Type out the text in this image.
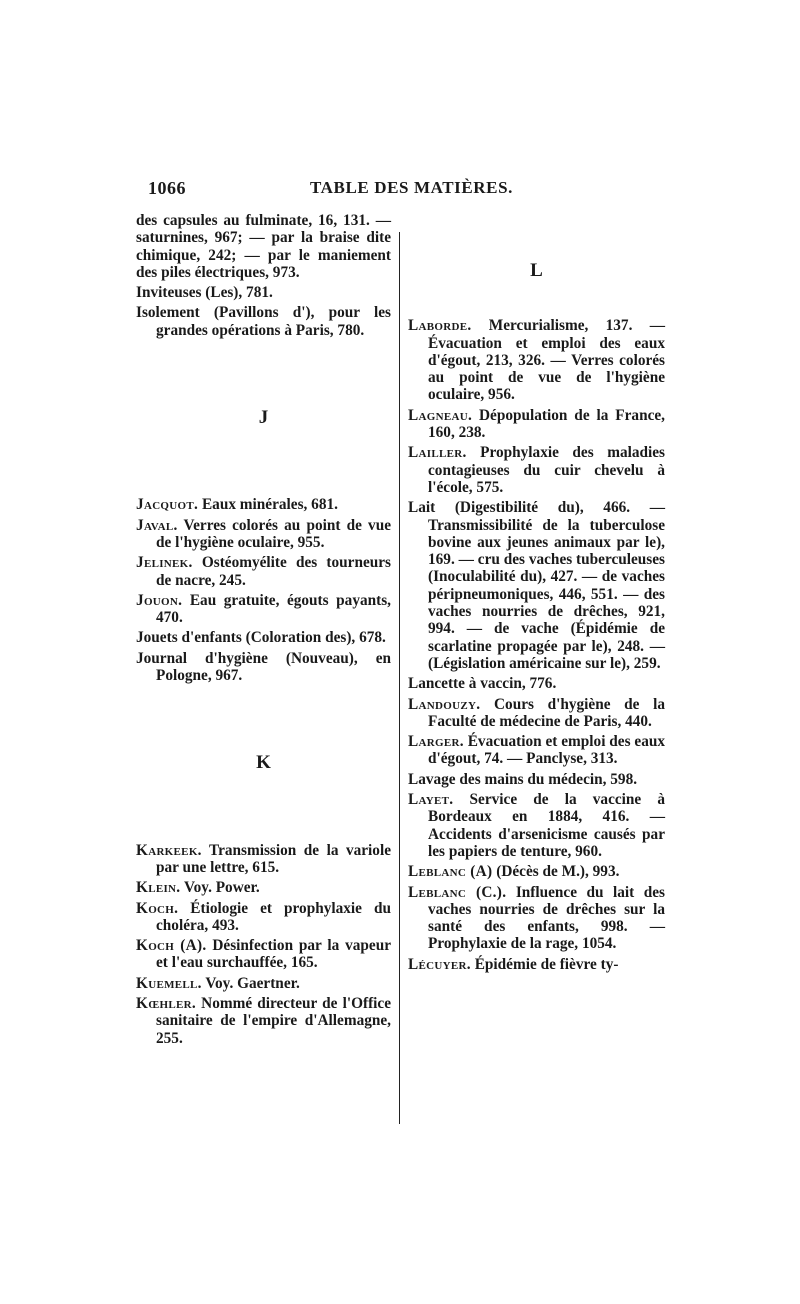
1066	TABLE DES MATIÈRES.
des capsules au fulminate, 16, 131. — saturnines, 967; — par la braise dite chimique, 242; — par le maniement des piles électriques, 973.
Inviteuses (Les), 781.
Isolement (Pavillons d'), pour les grandes opérations à Paris, 780.
J
Jacquot. Eaux minérales, 681.
Javal. Verres colorés au point de vue de l'hygiène oculaire, 955.
Jelinek. Ostéomyélite des tourneurs de nacre, 245.
Jouon. Eau gratuite, égouts payants, 470.
Jouets d'enfants (Coloration des), 678.
Journal d'hygiène (Nouveau), en Pologne, 967.
K
Karkeek. Transmission de la variole par une lettre, 615.
Klein. Voy. Power.
Koch. Étiologie et prophylaxie du choléra, 493.
Koch (A). Désinfection par la vapeur et l'eau surchauffée, 165.
Kuemell. Voy. Gaertner.
Kœhler. Nommé directeur de l'Office sanitaire de l'empire d'Allemagne, 255.
L
Laborde. Mercurialisme, 137. — Évacuation et emploi des eaux d'égout, 213, 326. — Verres colorés au point de vue de l'hygiène oculaire, 956.
Lagneau. Dépopulation de la France, 160, 238.
Lailler. Prophylaxie des maladies contagieuses du cuir chevelu à l'école, 575.
Lait (Digestibilité du), 466. — Transmissibilité de la tuberculose bovine aux jeunes animaux par le), 169. — cru des vaches tuberculeuses (Inoculabilité du), 427. — de vaches péripneumoniques, 446, 551. — des vaches nourries de drêches, 921, 994. — de vache (Épidémie de scarlatine propagée par le), 248. — (Législation américaine sur le), 259.
Lancette à vaccin, 776.
Landouzy. Cours d'hygiène de la Faculté de médecine de Paris, 440.
Larger. Évacuation et emploi des eaux d'égout, 74. — Panclyse, 313.
Lavage des mains du médecin, 598.
Layet. Service de la vaccine à Bordeaux en 1884, 416. — Accidents d'arsenicisme causés par les papiers de tenture, 960.
Leblanc (A) (Décès de M.), 993.
Leblanc (C.). Influence du lait des vaches nourries de drêches sur la santé des enfants, 998. — Prophylaxie de la rage, 1054.
Lécuyer. Épidémie de fièvre ty-
